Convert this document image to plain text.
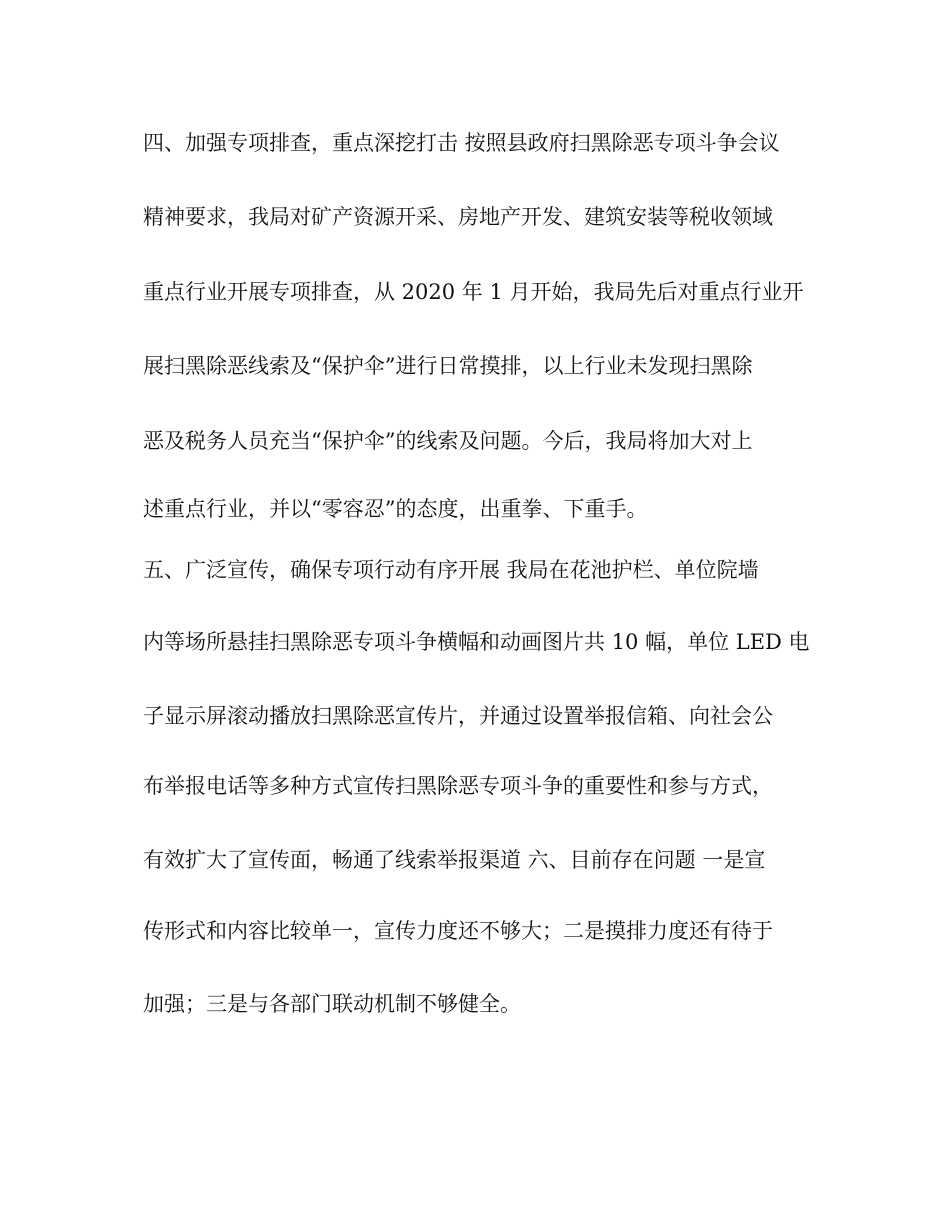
四、加强专项排查，重点深挖打击 按照县政府扫黑除恶专项斗争会议
精神要求，我局对矿产资源开采、房地产开发、建筑安装等税收领域
重点行业开展专项排查，从 2020 年 1 月开始，我局先后对重点行业开
展扫黑除恶线索及“保护伞”进行日常摸排，以上行业未发现扫黑除
恶及税务人员充当“保护伞”的线索及问题。今后，我局将加大对上
述重点行业，并以“零容忍”的态度，出重拳、下重手。
五、广泛宣传，确保专项行动有序开展 我局在花池护栏、单位院墙
内等场所悬挂扫黑除恶专项斗争横幅和动画图片共 10 幅，单位 LED 电
子显示屏滚动播放扫黑除恶宣传片，并通过设置举报信箱、向社会公
布举报电话等多种方式宣传扫黑除恶专项斗争的重要性和参与方式，
有效扩大了宣传面，畅通了线索举报渠道 六、目前存在问题 一是宣
传形式和内容比较单一，宣传力度还不够大；二是摸排力度还有待于
加强；三是与各部门联动机制不够健全。
